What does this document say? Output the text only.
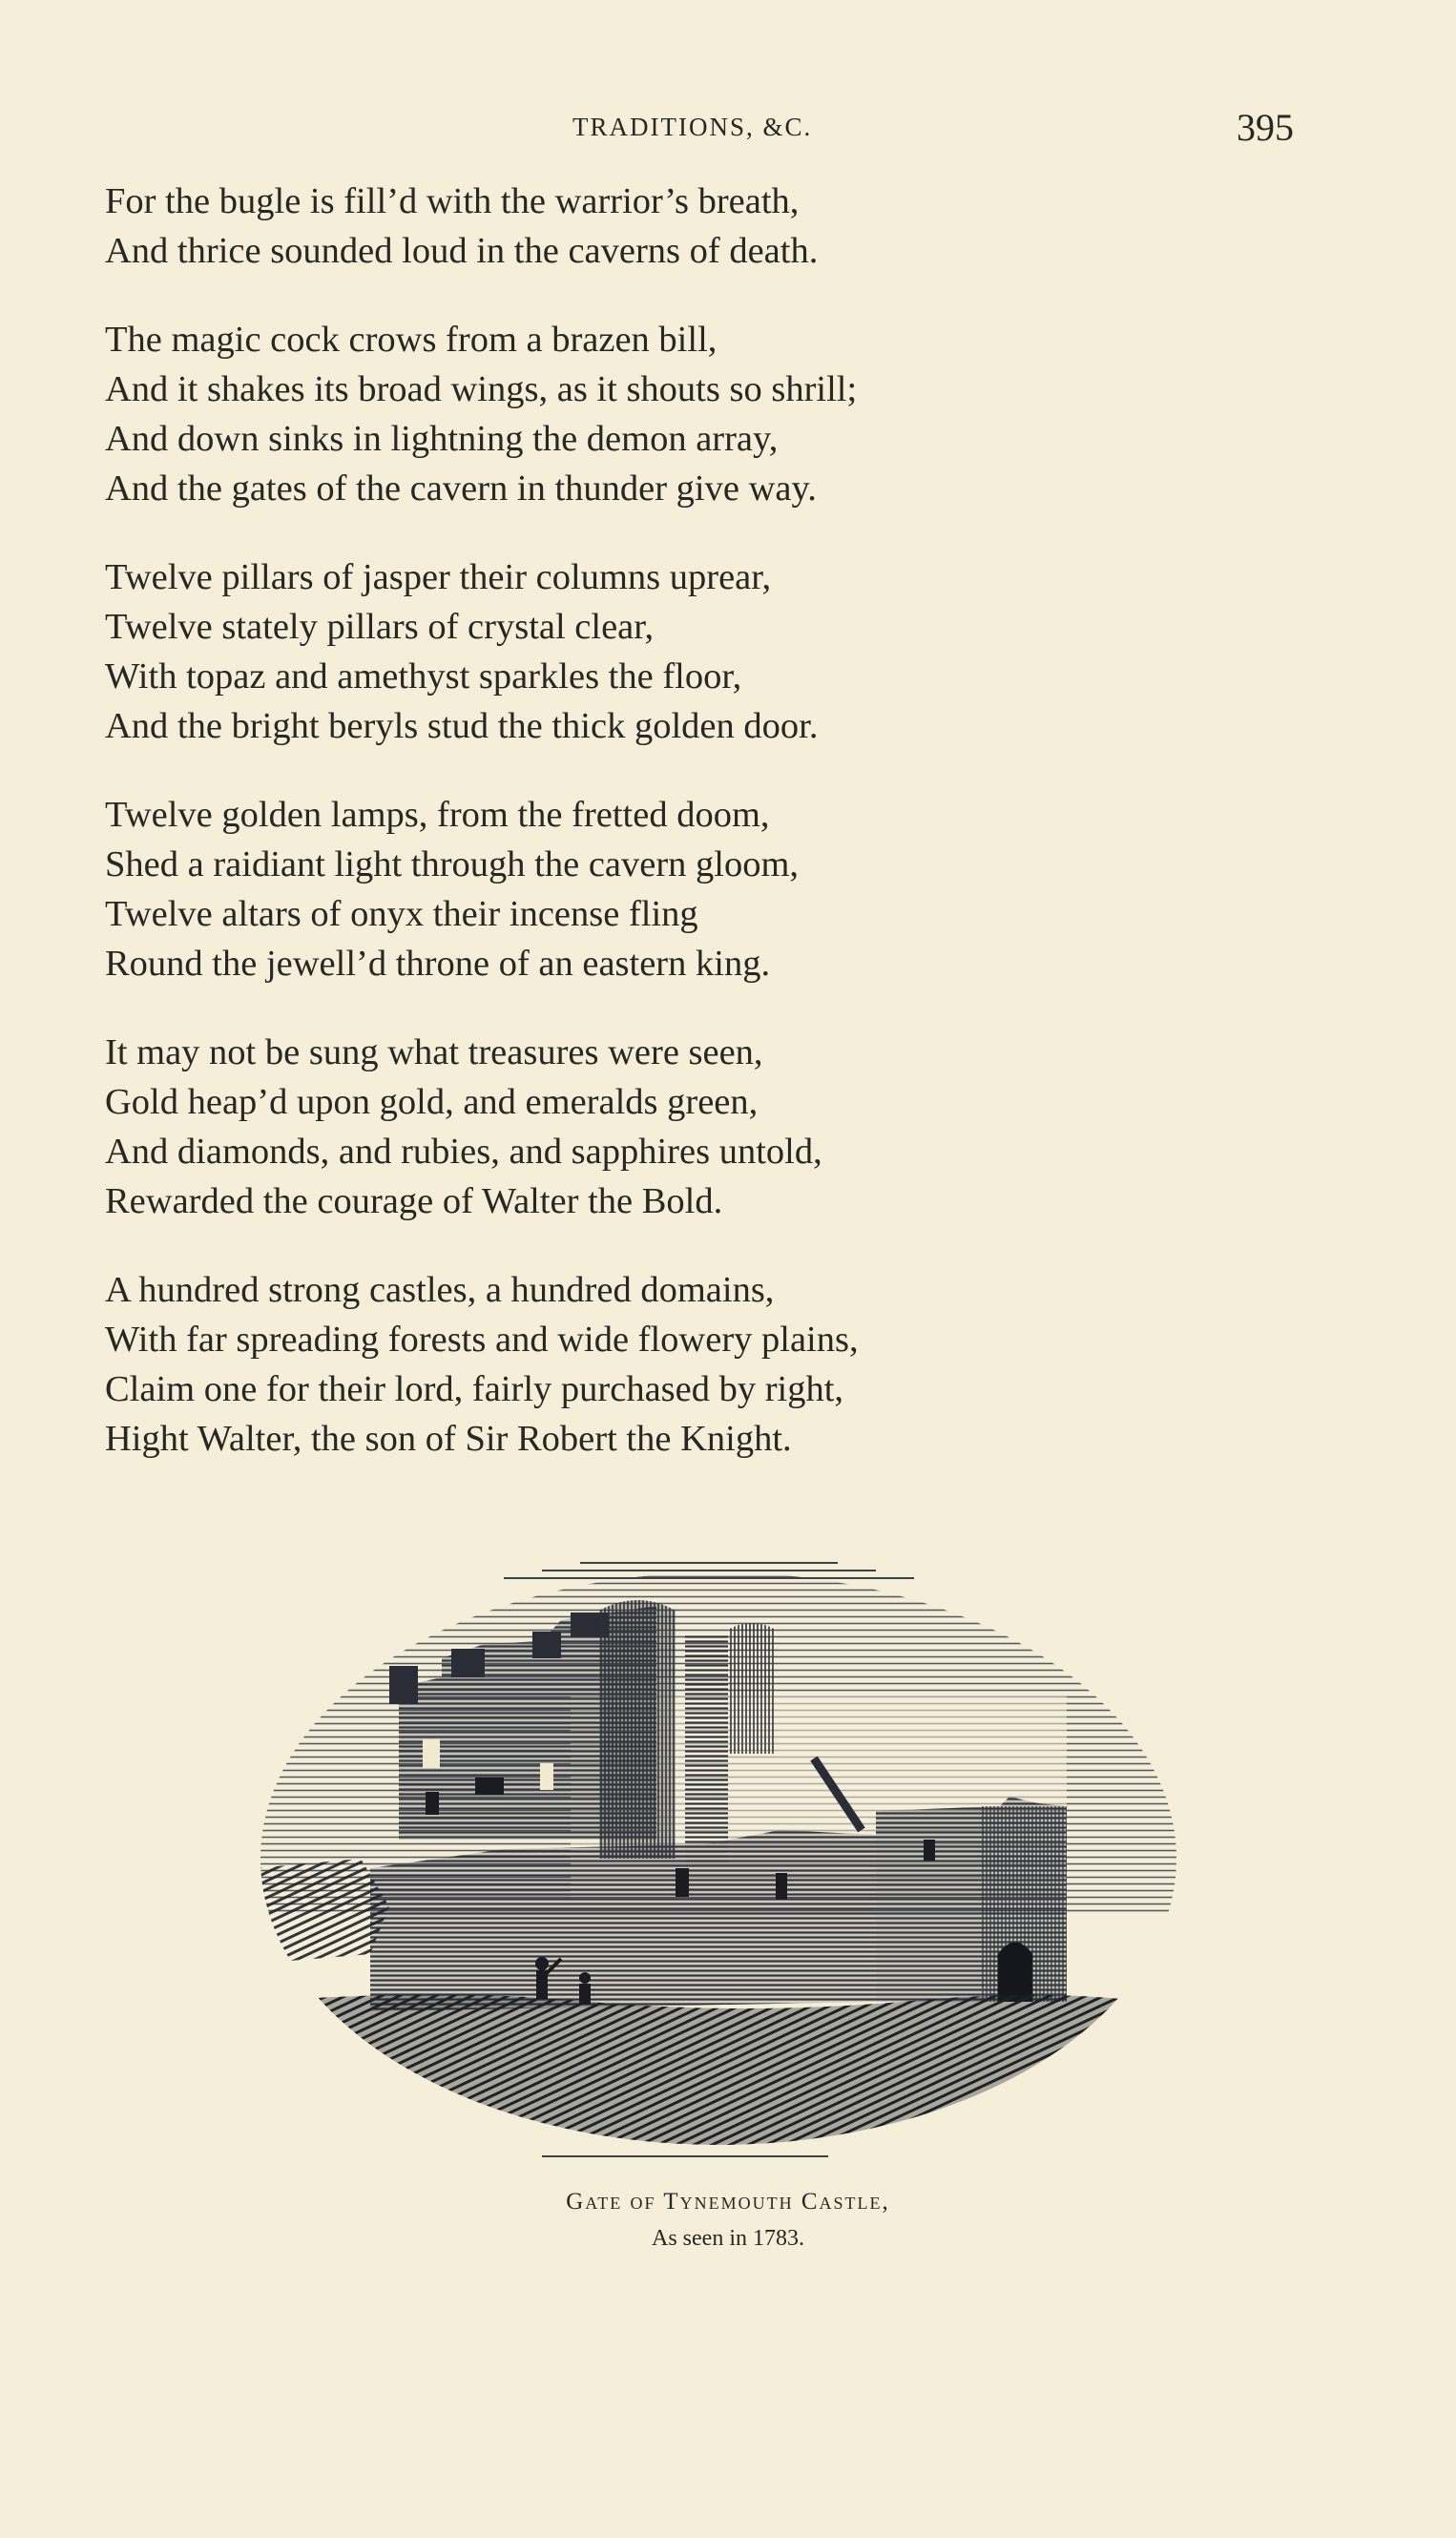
TRADITIONS, &C.	395
For the bugle is fill’d with the warrior’s breath,
And thrice sounded loud in the caverns of death.
The magic cock crows from a brazen bill,
And it shakes its broad wings, as it shouts so shrill;
And down sinks in lightning the demon array,
And the gates of the cavern in thunder give way.
Twelve pillars of jasper their columns uprear,
Twelve stately pillars of crystal clear,
With topaz and amethyst sparkles the floor,
And the bright beryls stud the thick golden door.
Twelve golden lamps, from the fretted doom,
Shed a raidiant light through the cavern gloom,
Twelve altars of onyx their incense fling
Round the jewell’d throne of an eastern king.
It may not be sung what treasures were seen,
Gold heap’d upon gold, and emeralds green,
And diamonds, and rubies, and sapphires untold,
Rewarded the courage of Walter the Bold.
A hundred strong castles, a hundred domains,
With far spreading forests and wide flowery plains,
Claim one for their lord, fairly purchased by right,
Hight Walter, the son of Sir Robert the Knight.
Gate of Tynemouth Castle,
As seen in 1783.
